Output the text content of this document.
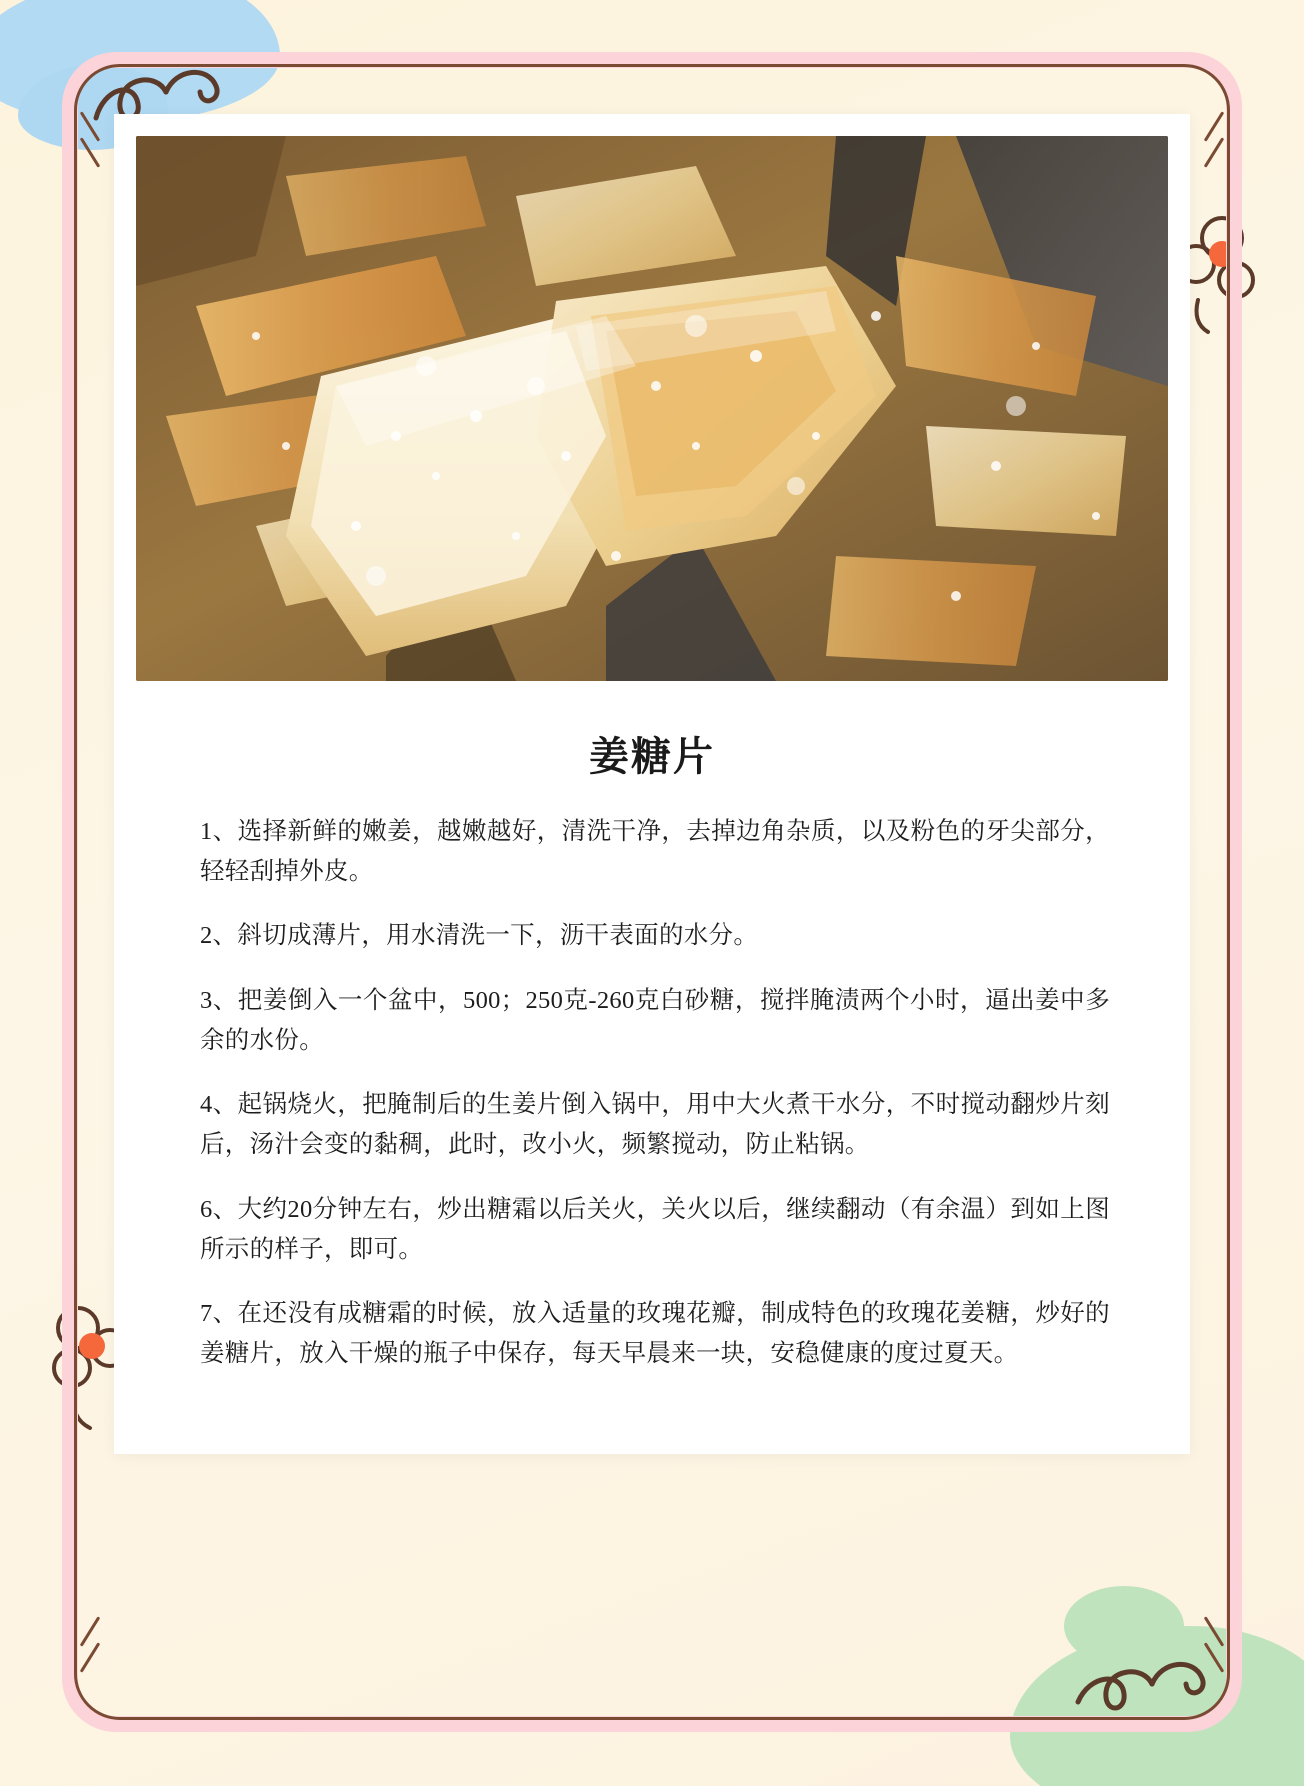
姜糖片

1、选择新鲜的嫩姜，越嫩越好，清洗干净，去掉边角杂质，以及粉色的牙尖部分，轻轻刮掉外皮。

2、斜切成薄片，用水清洗一下，沥干表面的水分。

3、把姜倒入一个盆中，500；250克-260克白砂糖，搅拌腌渍两个小时，逼出姜中多余的水份。

4、起锅烧火，把腌制后的生姜片倒入锅中，用中大火煮干水分，不时搅动翻炒片刻后，汤汁会变的黏稠，此时，改小火，频繁搅动，防止粘锅。

6、大约20分钟左右，炒出糖霜以后关火，关火以后，继续翻动（有余温）到如上图所示的样子，即可。

7、在还没有成糖霜的时候，放入适量的玫瑰花瓣，制成特色的玫瑰花姜糖，炒好的姜糖片，放入干燥的瓶子中保存，每天早晨来一块，安稳健康的度过夏天。
